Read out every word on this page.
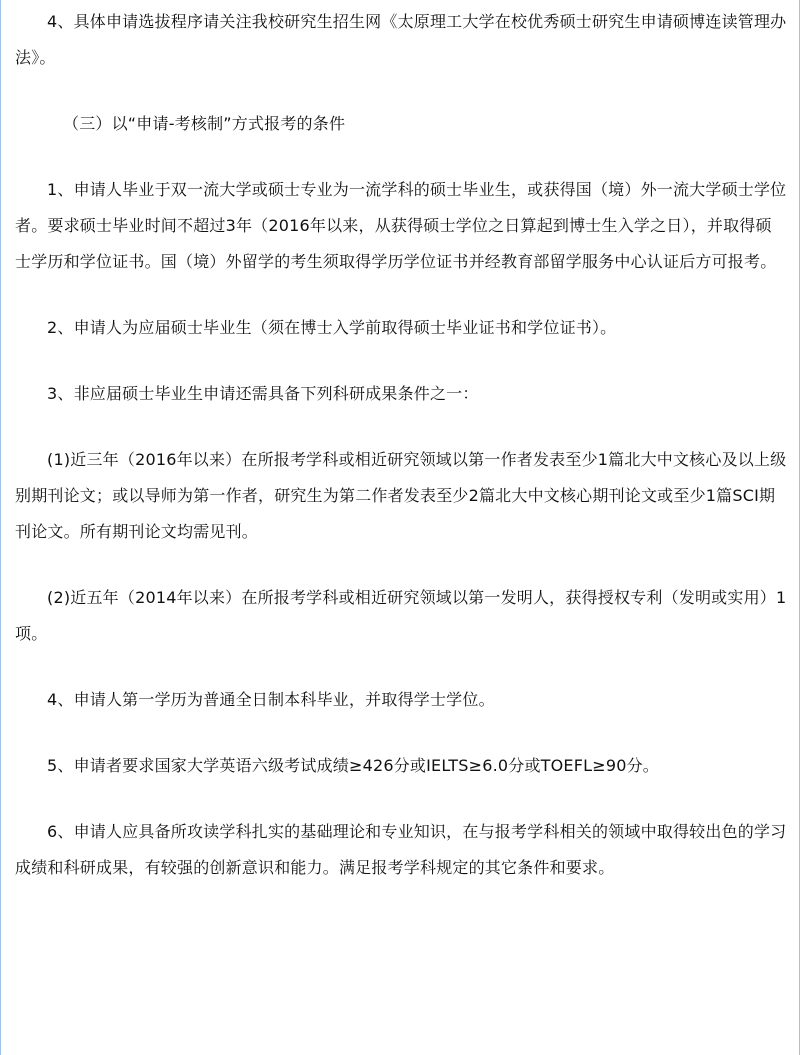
4、具体申请选拔程序请关注我校研究生招生网《太原理工大学在校优秀硕士研究生申请硕博连读管理办法》。

（三）以“申请-考核制”方式报考的条件

1、申请人毕业于双一流大学或硕士专业为一流学科的硕士毕业生，或获得国（境）外一流大学硕士学位者。要求硕士毕业时间不超过3年（2016年以来，从获得硕士学位之日算起到博士生入学之日），并取得硕士学历和学位证书。国（境）外留学的考生须取得学历学位证书并经教育部留学服务中心认证后方可报考。

2、申请人为应届硕士毕业生（须在博士入学前取得硕士毕业证书和学位证书）。

3、非应届硕士毕业生申请还需具备下列科研成果条件之一：

(1)近三年（2016年以来）在所报考学科或相近研究领域以第一作者发表至少1篇北大中文核心及以上级别期刊论文；或以导师为第一作者，研究生为第二作者发表至少2篇北大中文核心期刊论文或至少1篇SCI期刊论文。所有期刊论文均需见刊。

(2)近五年（2014年以来）在所报考学科或相近研究领域以第一发明人，获得授权专利（发明或实用）1项。

4、申请人第一学历为普通全日制本科毕业，并取得学士学位。

5、申请者要求国家大学英语六级考试成绩≥426分或IELTS≥6.0分或TOEFL≥90分。

6、申请人应具备所攻读学科扎实的基础理论和专业知识，在与报考学科相关的领域中取得较出色的学习成绩和科研成果，有较强的创新意识和能力。满足报考学科规定的其它条件和要求。
